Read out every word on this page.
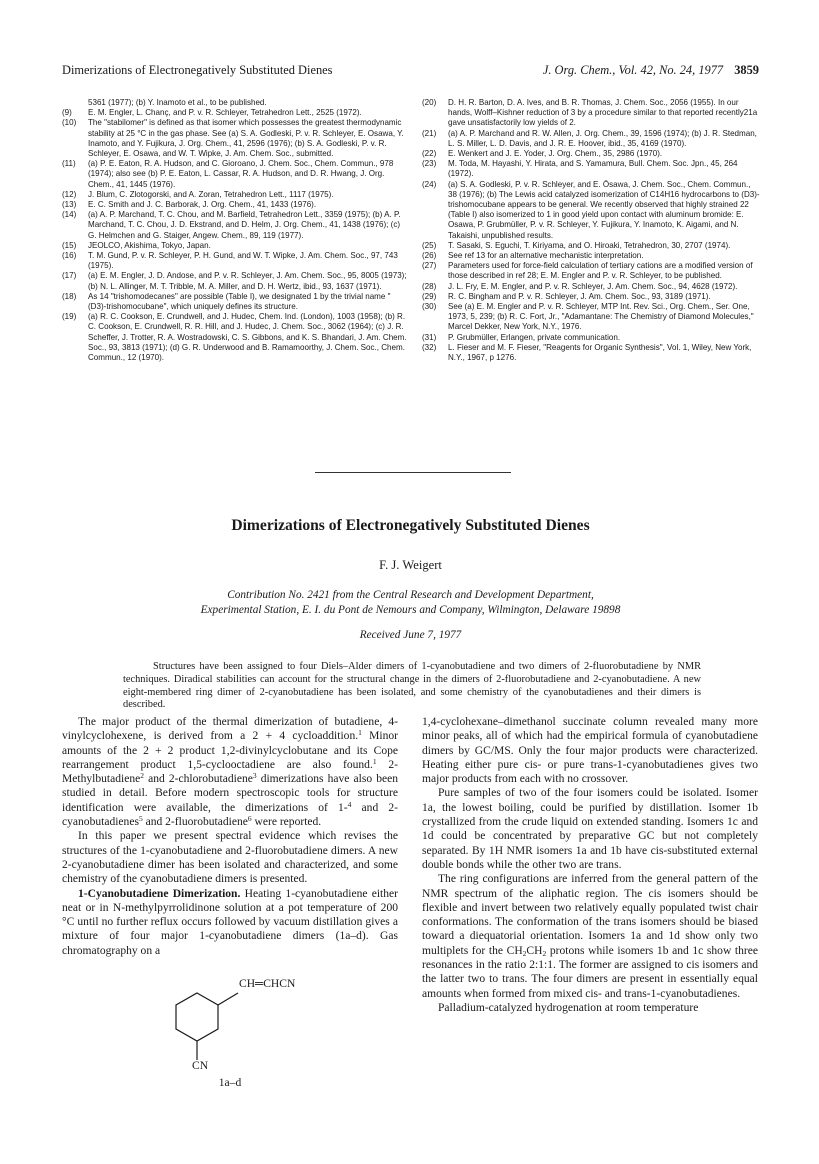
Dimerizations of Electronegatively Substituted Dienes	J. Org. Chem., Vol. 42, No. 24, 1977 3859
5361 (1977); (b) Y. Inamoto et al., to be published.
(9)	E. M. Engler, L. Chanç, and P. v. R. Schleyer, Tetrahedron Lett., 2525 (1972).
(10)	The "stabilomer" is defined as that isomer which possesses the greatest thermodynamic stability at 25 °C in the gas phase. See (a) S. A. Godleski, P. v. R. Schleyer, E. Osawa, Y. Inamoto, and Y. Fujikura, J. Org. Chem., 41, 2596 (1976); (b) S. A. Godleski, P. v. R. Schleyer, E. Osawa, and W. T. Wipke, J. Am. Chem. Soc., submitted.
(11)	(a) P. E. Eaton, R. A. Hudson, and C. Gioroano, J. Chem. Soc., Chem. Commun., 978 (1974); also see (b) P. E. Eaton, L. Cassar, R. A. Hudson, and D. R. Hwang, J. Org. Chem., 41, 1445 (1976).
(12)	J. Blum, C. Zlotogorski, and A. Zoran, Tetrahedron Lett., 1117 (1975).
(13)	E. C. Smith and J. C. Barborak, J. Org. Chem., 41, 1433 (1976).
(14)	(a) A. P. Marchand, T. C. Chou, and M. Barfield, Tetrahedron Lett., 3359 (1975); (b) A. P. Marchand, T. C. Chou, J. D. Ekstrand, and D. Helm, J. Org. Chem., 41, 1438 (1976); (c) G. Helmchen and G. Staiger, Angew. Chem., 89, 119 (1977).
(15)	JEOLCO, Akishima, Tokyo, Japan.
(16)	T. M. Gund, P. v. R. Schleyer, P. H. Gund, and W. T. Wipke, J. Am. Chem. Soc., 97, 743 (1975).
(17)	(a) E. M. Engler, J. D. Andose, and P. v. R. Schleyer, J. Am. Chem. Soc., 95, 8005 (1973); (b) N. L. Allinger, M. T. Tribble, M. A. Miller, and D. H. Wertz, ibid., 93, 1637 (1971).
(18)	As 14 "trishomodecanes" are possible (Table I), we designated 1 by the trivial name "(D3)-trishomocubane", which uniquely defines its structure.
(19)	(a) R. C. Cookson, E. Crundwell, and J. Hudec, Chem. Ind. (London), 1003 (1958); (b) R. C. Cookson, E. Crundwell, R. R. Hill, and J. Hudec, J. Chem. Soc., 3062 (1964); (c) J. R. Scheffer, J. Trotter, R. A. Wostradowski, C. S. Gibbons, and K. S. Bhandari, J. Am. Chem. Soc., 93, 3813 (1971); (d) G. R. Underwood and B. Ramamoorthy, J. Chem. Soc., Chem. Commun., 12 (1970).
(20)	D. H. R. Barton, D. A. Ives, and B. R. Thomas, J. Chem. Soc., 2056 (1955). In our hands, Wolff–Kishner reduction of 3 by a procedure similar to that reported recently21a gave unsatisfactorily low yields of 2.
(21)	(a) A. P. Marchand and R. W. Allen, J. Org. Chem., 39, 1596 (1974); (b) J. R. Stedman, L. S. Miller, L. D. Davis, and J. R. E. Hoover, ibid., 35, 4169 (1970).
(22)	E. Wenkert and J. E. Yoder, J. Org. Chem., 35, 2986 (1970).
(23)	M. Toda, M. Hayashi, Y. Hirata, and S. Yamamura, Bull. Chem. Soc. Jpn., 45, 264 (1972).
(24)	(a) S. A. Godleski, P. v. R. Schleyer, and E. Ōsawa, J. Chem. Soc., Chem. Commun., 38 (1976); (b) The Lewis acid catalyzed isomerization of C14H16 hydrocarbons to (D3)-trishomocubane appears to be general. We recently observed that highly strained 22 (Table I) also isomerized to 1 in good yield upon contact with aluminum bromide: E. Osawa, P. Grubmüller, P. v. R. Schleyer, Y. Fujikura, Y. Inamoto, K. Aigami, and N. Takaishi, unpublished results.
(25)	T. Sasaki, S. Eguchi, T. Kiriyama, and O. Hiroaki, Tetrahedron, 30, 2707 (1974).
(26)	See ref 13 for an alternative mechanistic interpretation.
(27)	Parameters used for force-field calculation of tertiary cations are a modified version of those described in ref 28; E. M. Engler and P. v. R. Schleyer, to be published.
(28)	J. L. Fry, E. M. Engler, and P. v. R. Schleyer, J. Am. Chem. Soc., 94, 4628 (1972).
(29)	R. C. Bingham and P. v. R. Schleyer, J. Am. Chem. Soc., 93, 3189 (1971).
(30)	See (a) E. M. Engler and P. v. R. Schleyer, MTP Int. Rev. Sci., Org. Chem., Ser. One, 1973, 5, 239; (b) R. C. Fort, Jr., "Adamantane: The Chemistry of Diamond Molecules," Marcel Dekker, New York, N.Y., 1976.
(31)	P. Grubmüller, Erlangen, private communication.
(32)	L. Fieser and M. F. Fieser, "Reagents for Organic Synthesis", Vol. 1, Wiley, New York, N.Y., 1967, p 1276.
Dimerizations of Electronegatively Substituted Dienes
F. J. Weigert
Contribution No. 2421 from the Central Research and Development Department,
Experimental Station, E. I. du Pont de Nemours and Company, Wilmington, Delaware 19898
Received June 7, 1977
Structures have been assigned to four Diels–Alder dimers of 1-cyanobutadiene and two dimers of 2-fluorobutadiene by NMR techniques. Diradical stabilities can account for the structural change in the dimers of 2-fluorobutadiene and 2-cyanobutadiene. A new eight-membered ring dimer of 2-cyanobutadiene has been isolated, and some chemistry of the cyanobutadienes and their dimers is described.

The major product of the thermal dimerization of butadiene, 4-vinylcyclohexene, is derived from a 2 + 4 cycloaddition.$^1$ Minor amounts of the 2 + 2 product 1,2-divinylcyclobutane and its Cope rearrangement product 1,5-cyclooctadiene are also found.$^1$ 2-Methylbutadiene$^2$ and 2-chlorobutadiene$^3$ dimerizations have also been studied in detail. Before modern spectroscopic tools for structure identification were available, the dimerizations of 1-$^4$ and 2-cyanobutadienes$^5$ and 2-fluorobutadiene$^6$ were reported.

In this paper we present spectral evidence which revises the structures of the 1-cyanobutadiene and 2-fluorobutadiene dimers. A new 2-cyanobutadiene dimer has been isolated and characterized, and some chemistry of the cyanobutadiene dimers is presented.

1-Cyanobutadiene Dimerization. Heating 1-cyanobutadiene either neat or in N-methylpyrrolidinone solution at a pot temperature of 200 °C until no further reflux occurs followed by vacuum distillation gives a mixture of four major 1-cyanobutadiene dimers (1a–d). Gas chromatography on a

CH═CHCN
CN
1a–d

1,4-cyclohexane–dimethanol succinate column revealed many more minor peaks, all of which had the empirical formula of cyanobutadiene dimers by GC/MS. Only the four major products were characterized. Heating either pure cis- or pure trans-1-cyanobutadienes gives two major products from each with no crossover.

Pure samples of two of the four isomers could be isolated. Isomer 1a, the lowest boiling, could be purified by distillation. Isomer 1b crystallized from the crude liquid on extended standing. Isomers 1c and 1d could be concentrated by preparative GC but not completely separated. By 1H NMR isomers 1a and 1b have cis-substituted external double bonds while the other two are trans.

The ring configurations are inferred from the general pattern of the NMR spectrum of the aliphatic region. The cis isomers should be flexible and invert between two relatively equally populated twist chair conformations. The conformation of the trans isomers should be biased toward a diequatorial orientation. Isomers 1a and 1d show only two multiplets for the $CH_2CH_2$ protons while isomers 1b and 1c show three resonances in the ratio 2:1:1. The former are assigned to cis isomers and the latter two to trans. The four dimers are present in essentially equal amounts when formed from mixed cis- and trans-1-cyanobutadienes.

Palladium-catalyzed hydrogenation at room temperature
